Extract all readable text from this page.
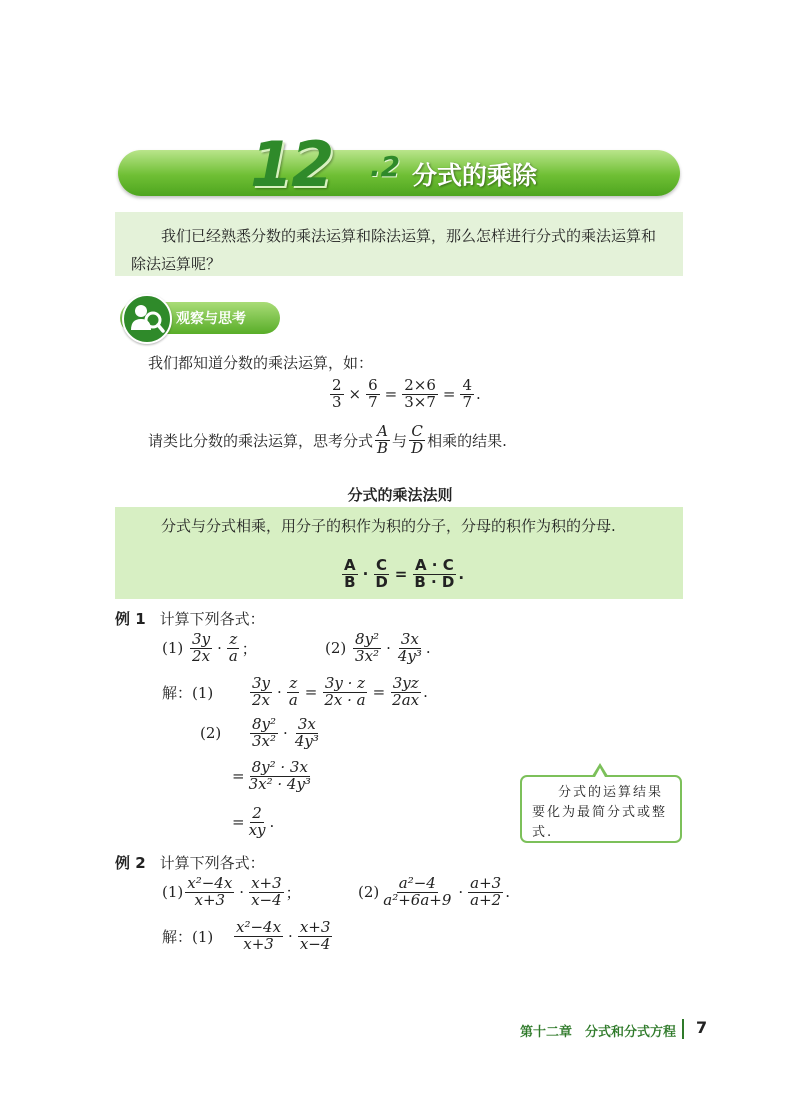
12 .2 分式的乘除

我们已经熟悉分数的乘法运算和除法运算，那么怎样进行分式的乘法运算和除法运算呢？

观察与思考
我们都知道分数的乘法运算，如：
$\frac{2}{3} \times \frac{6}{7} = \frac{2\times 6}{3\times 7} = \frac{4}{7}$ .
请类比分数的乘法运算，思考分式 $\frac{A}{B}$ 与 $\frac{C}{D}$ 相乘的结果.
分式的乘法法则

分式与分式相乘，用分子的积作为积的分子，分母的积作为积的分母.

$\frac{A}{B} \cdot \frac{C}{D} = \frac{A \cdot C}{B \cdot D}$ .
例 1 计算下列各式：
(1)
$\frac{3y}{2x} \cdot \frac{z}{a}$ ；	(2)
$\frac{\text{8y²}}{\text{3x²}} \cdot \frac{3x}{\text{4y³}}$ .
解：(1)	$\frac{3y}{2x} \cdot \frac{z}{a} = \frac{3y \cdot z}{2x \cdot a} = \frac{3yz}{2ax}$ .
(2)	$\frac{\text{8y²}}{\text{3x²}} \cdot \frac{3x}{\text{4y³}}$
= $\frac{\text{8y² · 3x}}{\text{3x² · 4y³}}$
= $\frac{2}{xy}$ .

分式的运算结果要化为最简分式或整式.

例 2 计算下列各式：
$(1) \frac{\text{x²−4x}}{x+3} \cdot \frac{x+3}{x-4}$ ；	$(2) \frac{\text{a²−4}}{\text{a²+6a+9}} \cdot \frac{a+3}{a+2}$ .
解：(1)	$\frac{\text{x²−4x}}{x+3} \cdot \frac{x+3}{x-4}$
第十二章　分式和分式方程 7
